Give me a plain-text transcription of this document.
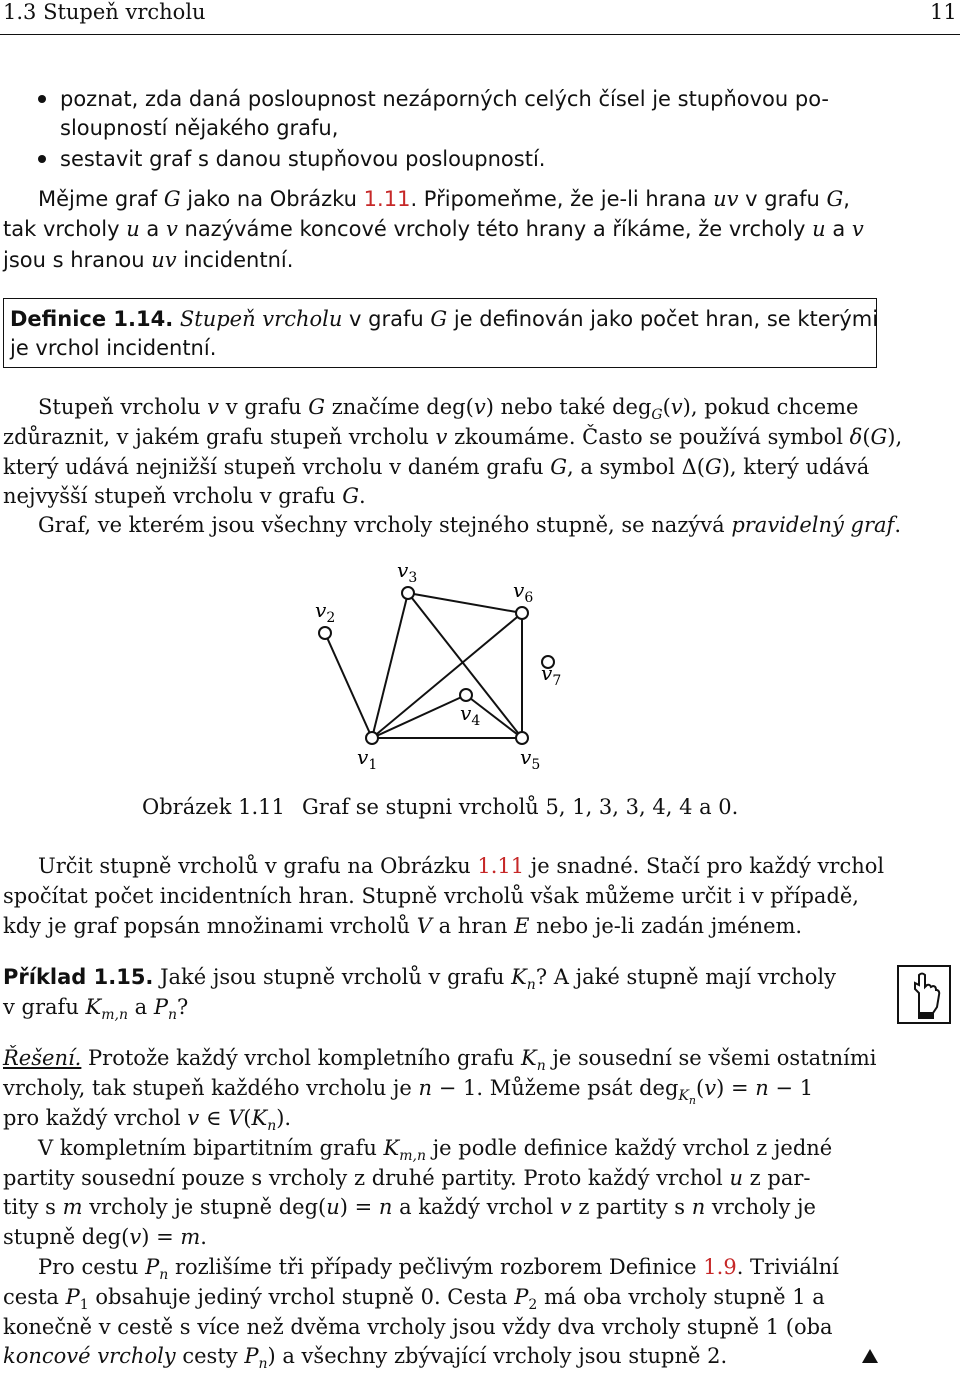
1.3 Stupeň vrcholu	11
poznat, zda daná posloupnost nezáporných celých čísel je stupňovou po-
sloupností nějakého grafu,
sestavit graf s danou stupňovou posloupností.
Mějme graf G jako na Obrázku 1.11. Připomeňme, že je-li hrana uv v grafu G,
tak vrcholy u a v nazýváme koncové vrcholy této hrany a říkáme, že vrcholy u a v
jsou s hranou uv incidentní.
Definice 1.14. Stupeň vrcholu v grafu G je definován jako počet hran, se kterými
je vrchol incidentní.
Stupeň vrcholu v v grafu G značíme deg(v) nebo také deg$_G$(v), pokud chceme
zdůraznit, v jakém grafu stupeň vrcholu v zkoumáme. Často se používá symbol δ(G),
který udává nejnižší stupeň vrcholu v daném grafu G, a symbol Δ(G), který udává
nejvyšší stupeň vrcholu v grafu G.
Graf, ve kterém jsou všechny vrcholy stejného stupně, se nazývá pravidelný graf.
$v_1$
$v_2$
$v_3$
$v_4$
$v_5$
$v_6$
$v_7$
Obrázek 1.11 Graf se stupni vrcholů 5, 1, 3, 3, 4, 4 a 0.
Určit stupně vrcholů v grafu na Obrázku 1.11 je snadné. Stačí pro každý vrchol
spočítat počet incidentních hran. Stupně vrcholů však můžeme určit i v případě,
kdy je graf popsán množinami vrcholů V a hran E nebo je-li zadán jménem.
Příklad 1.15. Jaké jsou stupně vrcholů v grafu $K_n$? A jaké stupně mají vrcholy
v grafu $K_{m,n}$ a $P_n$?
Řešení. Protože každý vrchol kompletního grafu $K_n$ je sousední se všemi ostatními
vrcholy, tak stupeň každého vrcholu je n − 1. Můžeme psát deg$_{K_n}$(v) = n − 1
pro každý vrchol v ∈ $V(K_n)$.
V kompletním bipartitním grafu $K_{m,n}$ je podle definice každý vrchol z jedné
partity sousední pouze s vrcholy z druhé partity. Proto každý vrchol u z par-
tity s m vrcholy je stupně deg(u) = n a každý vrchol v z partity s n vrcholy je
stupně deg(v) = m.
Pro cestu $P_n$ rozlišíme tři případy pečlivým rozborem Definice 1.9. Triviální
cesta $P_1$ obsahuje jediný vrchol stupně 0. Cesta $P_2$ má oba vrcholy stupně 1 a
konečně v cestě s více než dvěma vrcholy jsou vždy dva vrcholy stupně 1 (oba
koncové vrcholy cesty $P_n$) a všechny zbývající vrcholy jsou stupně 2.
